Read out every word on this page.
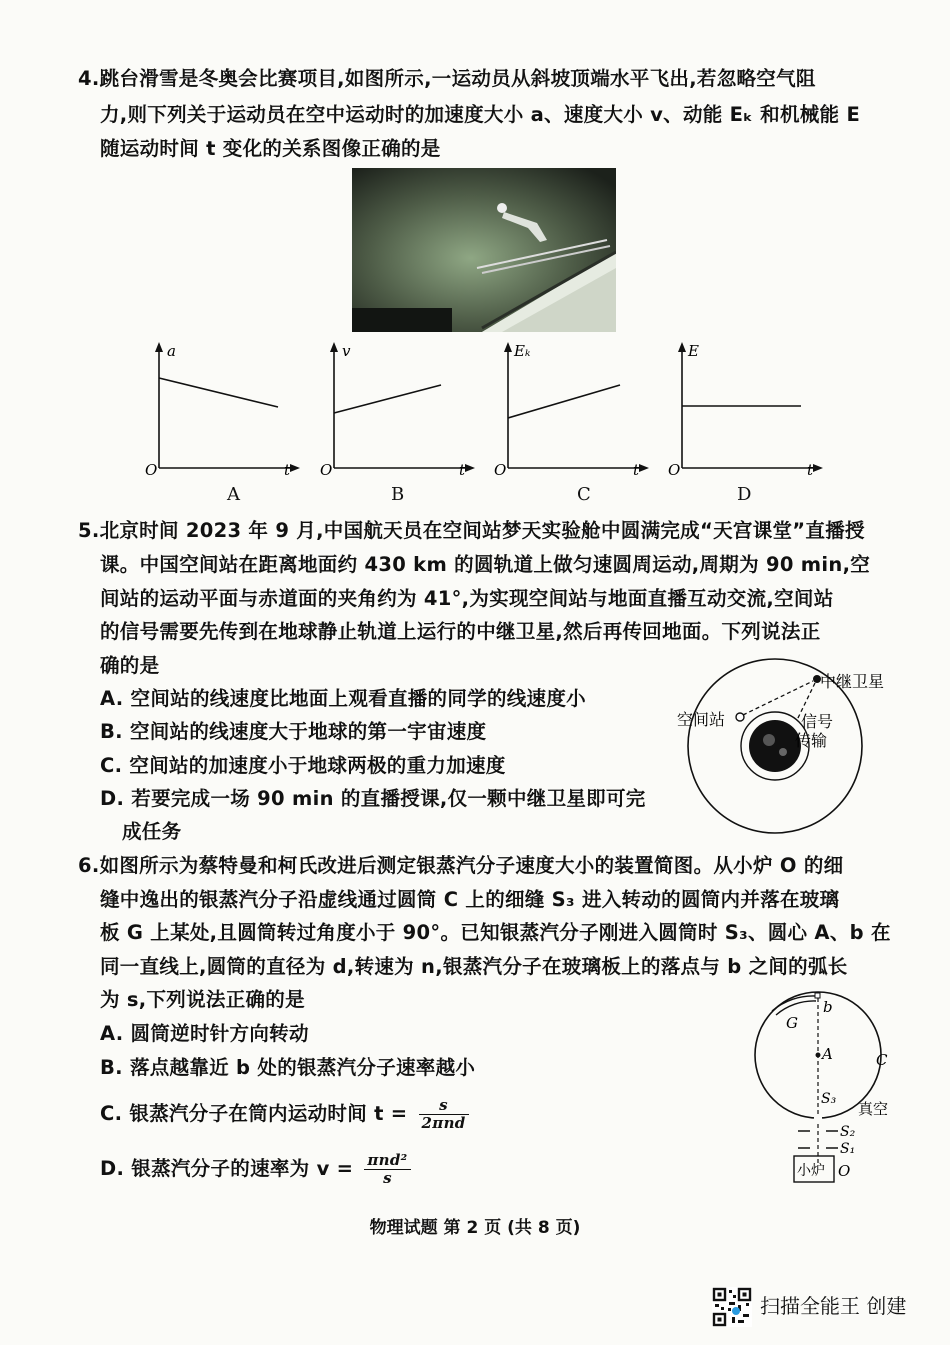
4.跳台滑雪是冬奥会比赛项目,如图所示,一运动员从斜坡顶端水平飞出,若忽略空气阻
力,则下列关于运动员在空中运动时的加速度大小 a、速度大小 v、动能 Eₖ 和机械能 E
随运动时间 t 变化的关系图像正确的是
a
O	t
A
v
O	t
B
Eₖ
O	t
C
E
O	t
D
5.北京时间 2023 年 9 月,中国航天员在空间站梦天实验舱中圆满完成“天宫课堂”直播授
课。中国空间站在距离地面约 430 km 的圆轨道上做匀速圆周运动,周期为 90 min,空
间站的运动平面与赤道面的夹角约为 41°,为实现空间站与地面直播互动交流,空间站
的信号需要先传到在地球静止轨道上运行的中继卫星,然后再传回地面。下列说法正
确的是
A. 空间站的线速度比地面上观看直播的同学的线速度小
B. 空间站的线速度大于地球的第一宇宙速度
C. 空间站的加速度小于地球两极的重力加速度
D. 若要完成一场 90 min 的直播授课,仅一颗中继卫星即可完
成任务
中继卫星
空间站	信号
传输
6.如图所示为蔡特曼和柯氏改进后测定银蒸汽分子速度大小的装置简图。从小炉 O 的细
缝中逸出的银蒸汽分子沿虚线通过圆筒 C 上的细缝 S₃ 进入转动的圆筒内并落在玻璃
板 G 上某处,且圆筒转过角度小于 90°。已知银蒸汽分子刚进入圆筒时 S₃、圆心 A、b 在
同一直线上,圆筒的直径为 d,转速为 n,银蒸汽分子在玻璃板上的落点与 b 之间的弧长
为 s,下列说法正确的是
A. 圆筒逆时针方向转动
B. 落点越靠近 b 处的银蒸汽分子速率越小
C. 银蒸汽分子在筒内运动时间 t =	s
2πnd
D. 银蒸汽分子的速率为 v = πnd²
s
G
b
A	C
S₃
真空
S₂
S₁
小炉 O
物理试题 第 2 页 (共 8 页)
扫描全能王 创建
